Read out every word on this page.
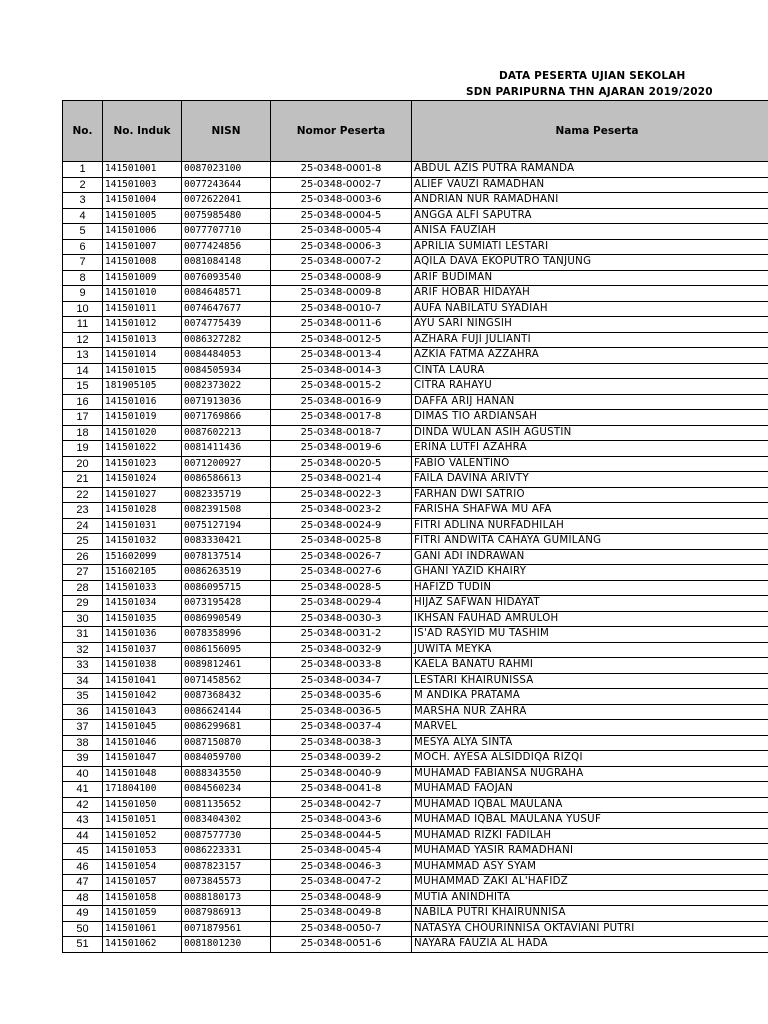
DATA PESERTA UJIAN SEKOLAH
SDN PARIPURNA THN AJARAN 2019/2020
No.	No. Induk	NISN	Nomor Peserta	Nama Peserta
1	141501001	0087023100	25-0348-0001-8	ABDUL AZIS PUTRA RAMANDA
2	141501003	0077243644	25-0348-0002-7	ALIEF VAUZI RAMADHAN
3	141501004	0072622041	25-0348-0003-6	ANDRIAN NUR RAMADHANI
4	141501005	0075985480	25-0348-0004-5	ANGGA ALFI SAPUTRA
5	141501006	0077707710	25-0348-0005-4	ANISA FAUZIAH
6	141501007	0077424856	25-0348-0006-3	APRILIA SUMIATI LESTARI
7	141501008	0081084148	25-0348-0007-2	AQILA DAVA EKOPUTRO TANJUNG
8	141501009	0076093540	25-0348-0008-9	ARIF BUDIMAN
9	141501010	0084648571	25-0348-0009-8	ARIF HOBAR HIDAYAH
10	141501011	0074647677	25-0348-0010-7	AUFA NABILATU SYADIAH
11	141501012	0074775439	25-0348-0011-6	AYU SARI NINGSIH
12	141501013	0086327282	25-0348-0012-5	AZHARA FUJI JULIANTI
13	141501014	0084484053	25-0348-0013-4	AZKIA FATMA AZZAHRA
14	141501015	0084505934	25-0348-0014-3	CINTA LAURA
15	181905105	0082373022	25-0348-0015-2	CITRA RAHAYU
16	141501016	0071913036	25-0348-0016-9	DAFFA ARIJ HANAN
17	141501019	0071769866	25-0348-0017-8	DIMAS TIO ARDIANSAH
18	141501020	0087602213	25-0348-0018-7	DINDA WULAN ASIH AGUSTIN
19	141501022	0081411436	25-0348-0019-6	ERINA LUTFI AZAHRA
20	141501023	0071200927	25-0348-0020-5	FABIO VALENTINO
21	141501024	0086586613	25-0348-0021-4	FAILA DAVINA ARIVTY
22	141501027	0082335719	25-0348-0022-3	FARHAN DWI SATRIO
23	141501028	0082391508	25-0348-0023-2	FARISHA SHAFWA MU AFA
24	141501031	0075127194	25-0348-0024-9	FITRI ADLINA NURFADHILAH
25	141501032	0083330421	25-0348-0025-8	FITRI ANDWITA CAHAYA GUMILANG
26	151602099	0078137514	25-0348-0026-7	GANI ADI INDRAWAN
27	151602105	0086263519	25-0348-0027-6	GHANI YAZID KHAIRY
28	141501033	0086095715	25-0348-0028-5	HAFIZD TUDIN
29	141501034	0073195428	25-0348-0029-4	HIJAZ SAFWAN HIDAYAT
30	141501035	0086990549	25-0348-0030-3	IKHSAN FAUHAD AMRULOH
31	141501036	0078358996	25-0348-0031-2	IS'AD RASYID MU TASHIM
32	141501037	0086156095	25-0348-0032-9	JUWITA MEYKA
33	141501038	0089812461	25-0348-0033-8	KAELA BANATU RAHMI
34	141501041	0071458562	25-0348-0034-7	LESTARI KHAIRUNISSA
35	141501042	0087368432	25-0348-0035-6	M ANDIKA PRATAMA
36	141501043	0086624144	25-0348-0036-5	MARSHA NUR ZAHRA
37	141501045	0086299681	25-0348-0037-4	MARVEL
38	141501046	0087150870	25-0348-0038-3	MESYA ALYA SINTA
39	141501047	0084059700	25-0348-0039-2	MOCH. AYESA ALSIDDIQA RIZQI
40	141501048	0088343550	25-0348-0040-9	MUHAMAD FABIANSA NUGRAHA
41	171804100	0084560234	25-0348-0041-8	MUHAMAD FAOJAN
42	141501050	0081135652	25-0348-0042-7	MUHAMAD IQBAL MAULANA
43	141501051	0083404302	25-0348-0043-6	MUHAMAD IQBAL MAULANA YUSUF
44	141501052	0087577730	25-0348-0044-5	MUHAMAD RIZKI FADILAH
45	141501053	0086223331	25-0348-0045-4	MUHAMAD YASIR RAMADHANI
46	141501054	0087823157	25-0348-0046-3	MUHAMMAD ASY SYAM
47	141501057	0073845573	25-0348-0047-2	MUHAMMAD ZAKI AL'HAFIDZ
48	141501058	0088180173	25-0348-0048-9	MUTIA ANINDHITA
49	141501059	0087986913	25-0348-0049-8	NABILA PUTRI KHAIRUNNISA
50	141501061	0071879561	25-0348-0050-7	NATASYA CHOURINNISA OKTAVIANI PUTRI
51	141501062	0081801230	25-0348-0051-6	NAYARA FAUZIA AL HADA
